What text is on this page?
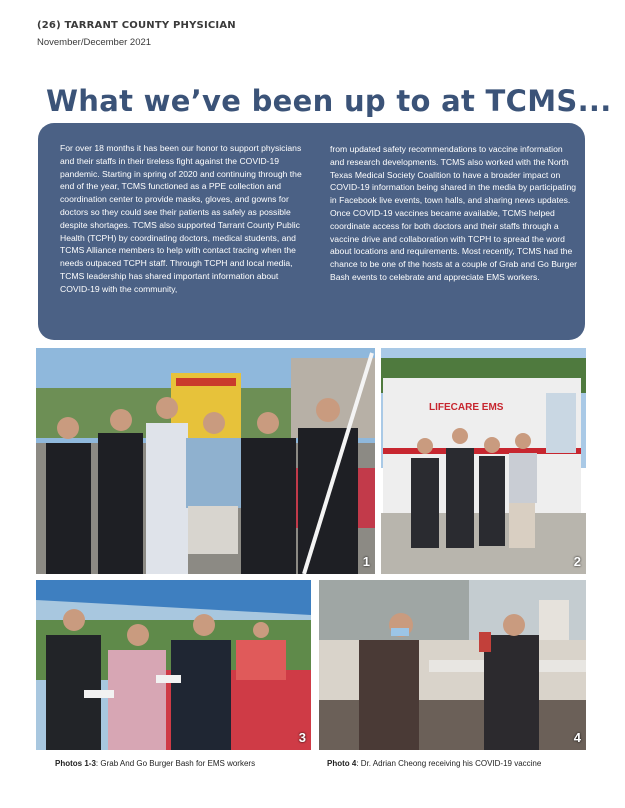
(26) TARRANT COUNTY PHYSICIAN
November/December 2021
What we’ve been up to at TCMS...
For over 18 months it has been our honor to support physicians and their staffs in their tireless fight against the COVID-19 pandemic. Starting in spring of 2020 and continuing through the end of the year, TCMS functioned as a PPE collection and coordination center to provide masks, gloves, and gowns for doctors so they could see their patients as safely as possible despite shortages. TCMS also supported Tarrant County Public Health (TCPH) by coordinating doctors, medical students, and TCMS Alliance members to help with contact tracing when the needs outpaced TCPH staff. Through TCPH and local media, TCMS leadership has shared important information about COVID-19 with the community,
from updated safety recommendations to vaccine information and research developments. TCMS also worked with the North Texas Medical Society Coalition to have a broader impact on COVID-19 information being shared in the media by participating in Facebook live events, town halls, and sharing news updates. Once COVID-19 vaccines became available, TCMS helped coordinate access for both doctors and their staffs through a vaccine drive and collaboration with TCPH to spread the word about locations and requirements. Most recently, TCMS had the chance to be one of the hosts at a couple of Grab and Go Burger Bash events to celebrate and appreciate EMS workers.
1
LIFECARE EMS
2
3	4
Photos 1-3: Grab And Go Burger Bash for EMS workers	Photo 4: Dr. Adrian Cheong receiving his COVID-19 vaccine
